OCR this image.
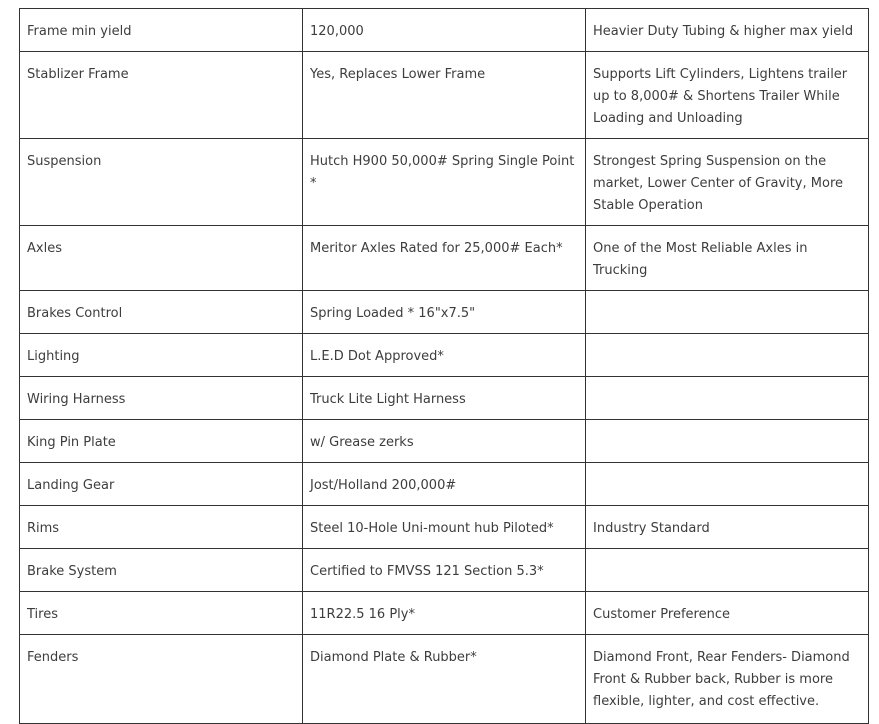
Frame min yield	120,000	Heavier Duty Tubing & higher max yield
Stablizer Frame	Yes, Replaces Lower Frame	Supports Lift Cylinders, Lightens trailer up to 8,000# & Shortens Trailer While Loading and Unloading
Suspension	Hutch H900 50,000# Spring Single Point *	Strongest Spring Suspension on the market, Lower Center of Gravity, More Stable Operation
Axles	Meritor Axles Rated for 25,000# Each*	One of the Most Reliable Axles in Trucking
Brakes Control	Spring Loaded * 16"x7.5"	
Lighting	L.E.D Dot Approved*	
Wiring Harness	Truck Lite Light Harness	
King Pin Plate	w/ Grease zerks	
Landing Gear	Jost/Holland 200,000#	
Rims	Steel 10-Hole Uni-mount hub Piloted*	Industry Standard
Brake System	Certified to FMVSS 121 Section 5.3*	
Tires	11R22.5 16 Ply*	Customer Preference
Fenders	Diamond Plate & Rubber*	Diamond Front, Rear Fenders- Diamond Front & Rubber back, Rubber is more flexible, lighter, and cost effective.
